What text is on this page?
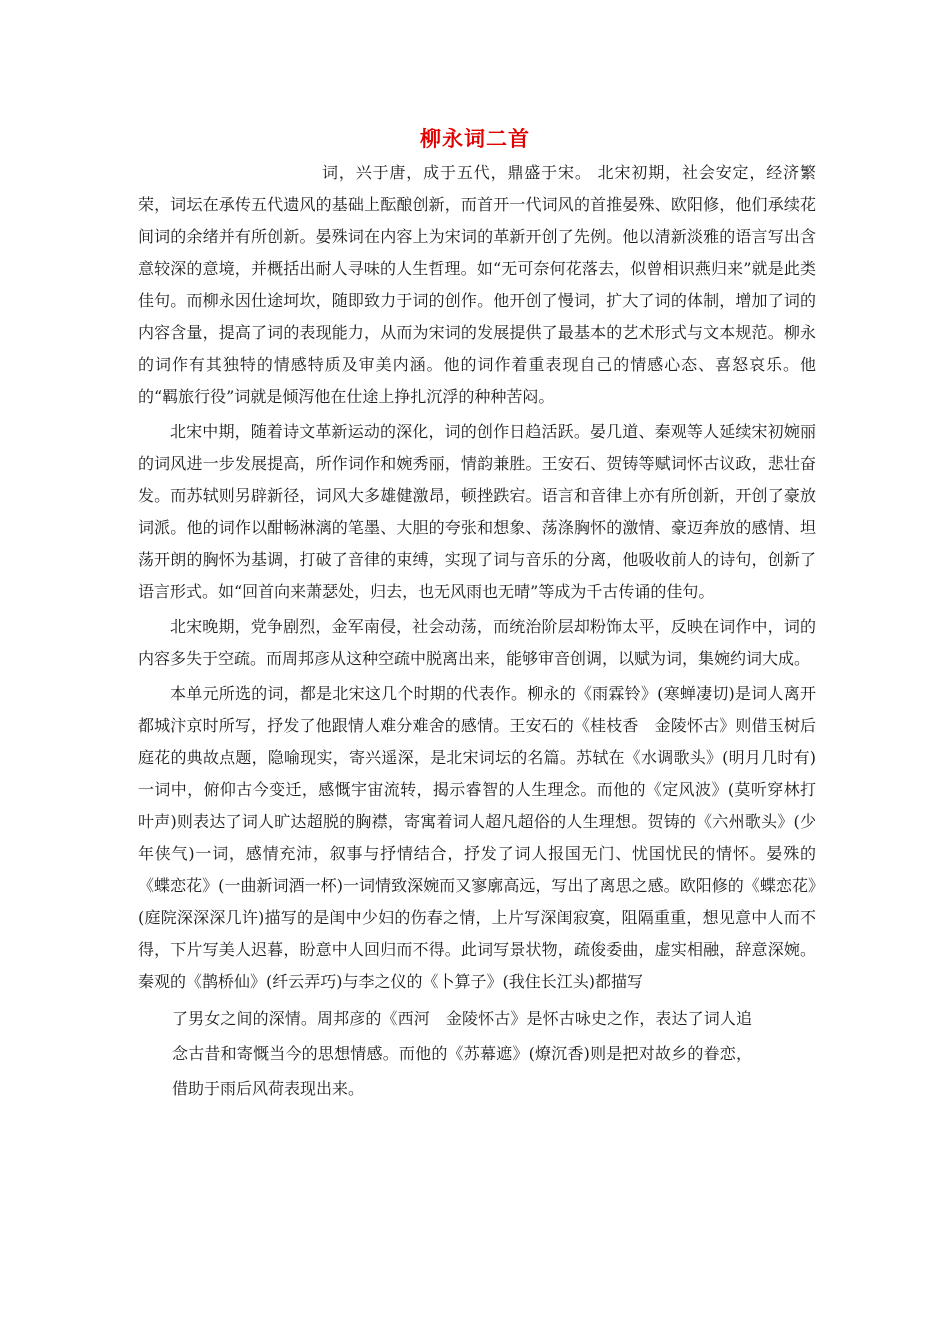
柳永词二首

词，兴于唐，成于五代，鼎盛于宋。 北宋初期，社会安定，经济繁荣，词坛在承传五代遗风的基础上酝酿创新，而首开一代词风的首推晏殊、欧阳修，他们承续花间词的余绪并有所创新。晏殊词在内容上为宋词的革新开创了先例。他以清新淡雅的语言写出含意较深的意境，并概括出耐人寻味的人生哲理。如“无可奈何花落去，似曾相识燕归来”就是此类佳句。而柳永因仕途坷坎，随即致力于词的创作。他开创了慢词，扩大了词的体制，增加了词的内容含量，提高了词的表现能力，从而为宋词的发展提供了最基本的艺术形式与文本规范。柳永的词作有其独特的情感特质及审美内涵。他的词作着重表现自己的情感心态、喜怒哀乐。他的“羁旅行役”词就是倾泻他在仕途上挣扎沉浮的种种苦闷。

北宋中期，随着诗文革新运动的深化，词的创作日趋活跃。晏几道、秦观等人延续宋初婉丽的词风进一步发展提高，所作词作和婉秀丽，情韵兼胜。王安石、贺铸等赋词怀古议政，悲壮奋发。而苏轼则另辟新径，词风大多雄健激昂，顿挫跌宕。语言和音律上亦有所创新，开创了豪放词派。他的词作以酣畅淋漓的笔墨、大胆的夸张和想象、荡涤胸怀的激情、豪迈奔放的感情、坦荡开朗的胸怀为基调，打破了音律的束缚，实现了词与音乐的分离，他吸收前人的诗句，创新了语言形式。如“回首向来萧瑟处，归去，也无风雨也无晴”等成为千古传诵的佳句。

北宋晚期，党争剧烈，金军南侵，社会动荡，而统治阶层却粉饰太平，反映在词作中，词的内容多失于空疏。而周邦彦从这种空疏中脱离出来，能够审音创调，以赋为词，集婉约词大成。

本单元所选的词，都是北宋这几个时期的代表作。柳永的《雨霖铃》(寒蝉凄切)是词人离开都城汴京时所写，抒发了他跟情人难分难舍的感情。王安石的《桂枝香　金陵怀古》则借玉树后庭花的典故点题，隐喻现实，寄兴遥深，是北宋词坛的名篇。苏轼在《水调歌头》(明月几时有)一词中，俯仰古今变迁，感慨宇宙流转，揭示睿智的人生理念。而他的《定风波》(莫听穿林打叶声)则表达了词人旷达超脱的胸襟，寄寓着词人超凡超俗的人生理想。贺铸的《六州歌头》(少年侠气)一词，感情充沛，叙事与抒情结合，抒发了词人报国无门、忧国忧民的情怀。晏殊的《蝶恋花》(一曲新词酒一杯)一词情致深婉而又寥廓高远，写出了离思之感。欧阳修的《蝶恋花》(庭院深深深几许)描写的是闺中少妇的伤春之情，上片写深闺寂寞，阻隔重重，想见意中人而不得，下片写美人迟暮，盼意中人回归而不得。此词写景状物，疏俊委曲，虚实相融，辞意深婉。秦观的《鹊桥仙》(纤云弄巧)与李之仪的《卜算子》(我住长江头)都描写

了男女之间的深情。周邦彦的《西河　金陵怀古》是怀古咏史之作，表达了词人追念古昔和寄慨当今的思想情感。而他的《苏幕遮》(燎沉香)则是把对故乡的眷恋，借助于雨后风荷表现出来。
